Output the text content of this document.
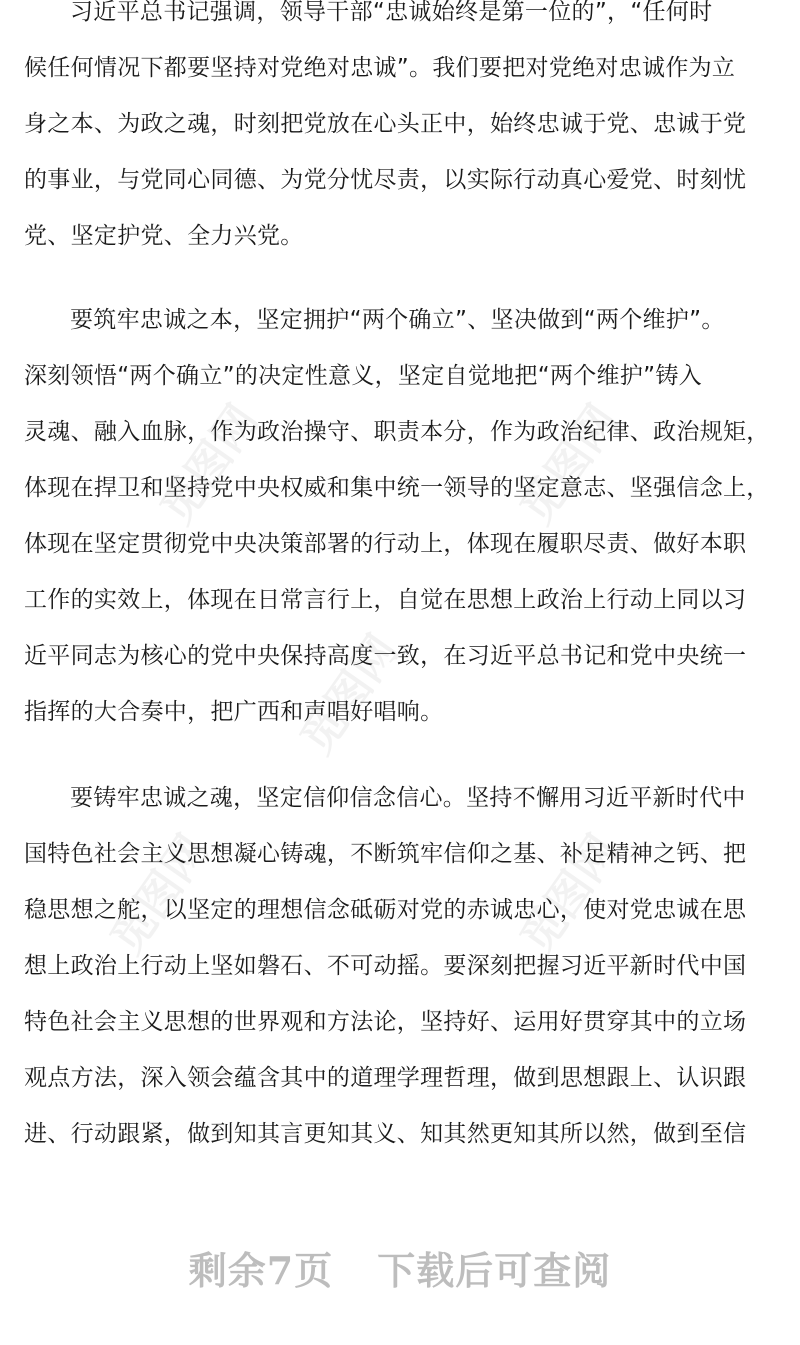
觅图网	觅图网
觅图网
觅图网	觅图网
习近平总书记强调，领导干部“忠诚始终是第一位的”，“任何时
候任何情况下都要坚持对党绝对忠诚”。我们要把对党绝对忠诚作为立
身之本、为政之魂，时刻把党放在心头正中，始终忠诚于党、忠诚于党
的事业，与党同心同德、为党分忧尽责，以实际行动真心爱党、时刻忧
党、坚定护党、全力兴党。
要筑牢忠诚之本，坚定拥护“两个确立”、坚决做到“两个维护”。
深刻领悟“两个确立”的决定性意义，坚定自觉地把“两个维护”铸入
灵魂、融入血脉，作为政治操守、职责本分，作为政治纪律、政治规矩，
体现在捍卫和坚持党中央权威和集中统一领导的坚定意志、坚强信念上，
体现在坚定贯彻党中央决策部署的行动上，体现在履职尽责、做好本职
工作的实效上，体现在日常言行上，自觉在思想上政治上行动上同以习
近平同志为核心的党中央保持高度一致，在习近平总书记和党中央统一
指挥的大合奏中，把广西和声唱好唱响。
要铸牢忠诚之魂，坚定信仰信念信心。坚持不懈用习近平新时代中
国特色社会主义思想凝心铸魂，不断筑牢信仰之基、补足精神之钙、把
稳思想之舵，以坚定的理想信念砥砺对党的赤诚忠心，使对党忠诚在思
想上政治上行动上坚如磐石、不可动摇。要深刻把握习近平新时代中国
特色社会主义思想的世界观和方法论，坚持好、运用好贯穿其中的立场
观点方法，深入领会蕴含其中的道理学理哲理，做到思想跟上、认识跟
进、行动跟紧，做到知其言更知其义、知其然更知其所以然，做到至信
剩余7页 下载后可查阅
